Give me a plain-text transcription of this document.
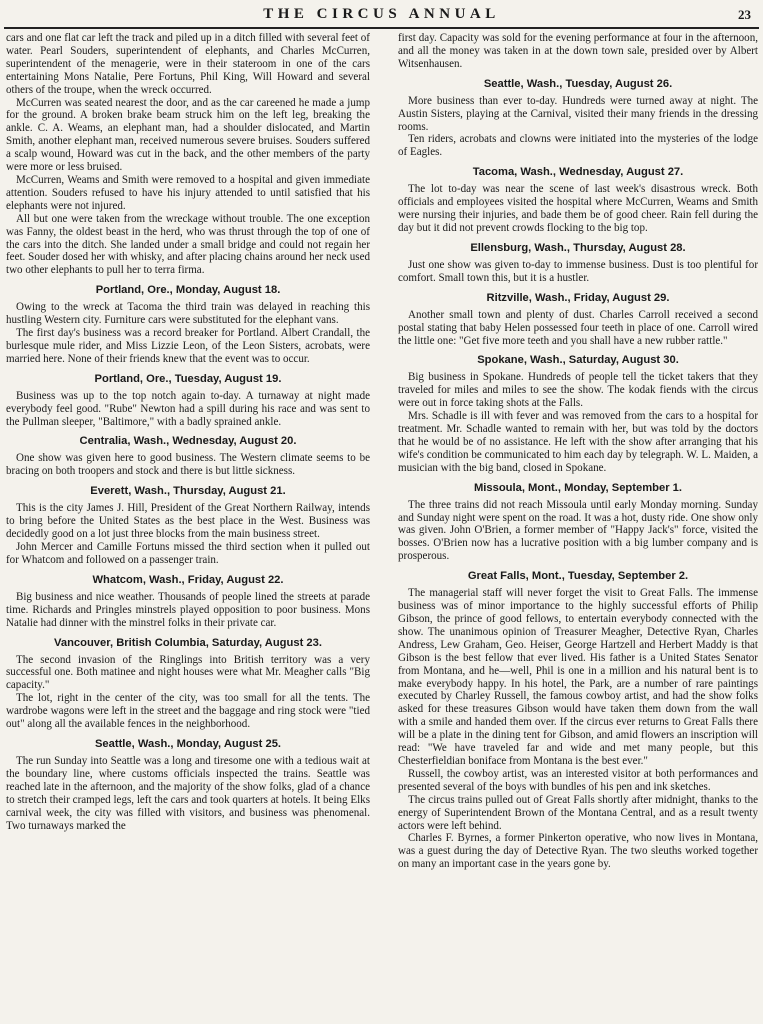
THE CIRCUS ANNUAL	23

cars and one flat car left the track and piled up in a ditch filled with several feet of water. Pearl Souders, superintendent of elephants, and Charles McCurren, superintendent of the menagerie, were in their stateroom in one of the cars entertaining Mons Natalie, Pere Fortuns, Phil King, Will Howard and several others of the troupe, when the wreck occurred.

McCurren was seated nearest the door, and as the car careened he made a jump for the ground. A broken brake beam struck him on the left leg, breaking the ankle. C. A. Weams, an elephant man, had a shoulder dislocated, and Martin Smith, another elephant man, received numerous severe bruises. Souders suffered a scalp wound, Howard was cut in the back, and the other members of the party were more or less bruised.

McCurren, Weams and Smith were removed to a hospital and given immediate attention. Souders refused to have his injury attended to until satisfied that his elephants were not injured.

All but one were taken from the wreckage without trouble. The one exception was Fanny, the oldest beast in the herd, who was thrust through the top of one of the cars into the ditch. She landed under a small bridge and could not regain her feet. Souder dosed her with whisky, and after placing chains around her neck used two other elephants to pull her to terra firma.

Portland, Ore., Monday, August 18.

Owing to the wreck at Tacoma the third train was delayed in reaching this hustling Western city. Furniture cars were substituted for the elephant vans.

The first day's business was a record breaker for Portland. Albert Crandall, the burlesque mule rider, and Miss Lizzie Leon, of the Leon Sisters, acrobats, were married here. None of their friends knew that the event was to occur.

Portland, Ore., Tuesday, August 19.

Business was up to the top notch again to-day. A turnaway at night made everybody feel good. "Rube" Newton had a spill during his race and was sent to the Pullman sleeper, "Baltimore," with a badly sprained ankle.

Centralia, Wash., Wednesday, August 20.

One show was given here to good business. The Western climate seems to be bracing on both troopers and stock and there is but little sickness.

Everett, Wash., Thursday, August 21.

This is the city James J. Hill, President of the Great Northern Railway, intends to bring before the United States as the best place in the West. Business was decidedly good on a lot just three blocks from the main business street.

John Mercer and Camille Fortuns missed the third section when it pulled out for Whatcom and followed on a passenger train.

Whatcom, Wash., Friday, August 22.

Big business and nice weather. Thousands of people lined the streets at parade time. Richards and Pringles minstrels played opposition to poor business. Mons Natalie had dinner with the minstrel folks in their private car.

Vancouver, British Columbia, Saturday, August 23.

The second invasion of the Ringlings into British territory was a very successful one. Both matinee and night houses were what Mr. Meagher calls "Big capacity."

The lot, right in the center of the city, was too small for all the tents. The wardrobe wagons were left in the street and the baggage and ring stock were "tied out" along all the available fences in the neighborhood.

Seattle, Wash., Monday, August 25.

The run Sunday into Seattle was a long and tiresome one with a tedious wait at the boundary line, where customs officials inspected the trains. Seattle was reached late in the afternoon, and the majority of the show folks, glad of a chance to stretch their cramped legs, left the cars and took quarters at hotels. It being Elks carnival week, the city was filled with visitors, and business was phenomenal. Two turnaways marked the

first day. Capacity was sold for the evening performance at four in the afternoon, and all the money was taken in at the down town sale, presided over by Albert Witsenhausen.

Seattle, Wash., Tuesday, August 26.

More business than ever to-day. Hundreds were turned away at night. The Austin Sisters, playing at the Carnival, visited their many friends in the dressing rooms.

Ten riders, acrobats and clowns were initiated into the mysteries of the lodge of Eagles.

Tacoma, Wash., Wednesday, August 27.

The lot to-day was near the scene of last week's disastrous wreck. Both officials and employees visited the hospital where McCurren, Weams and Smith were nursing their injuries, and bade them be of good cheer. Rain fell during the day but it did not prevent crowds flocking to the big top.

Ellensburg, Wash., Thursday, August 28.

Just one show was given to-day to immense business. Dust is too plentiful for comfort. Small town this, but it is a hustler.

Ritzville, Wash., Friday, August 29.

Another small town and plenty of dust. Charles Carroll received a second postal stating that baby Helen possessed four teeth in place of one. Carroll wired the little one: "Get five more teeth and you shall have a new rubber rattle."

Spokane, Wash., Saturday, August 30.

Big business in Spokane. Hundreds of people tell the ticket takers that they traveled for miles and miles to see the show. The kodak fiends with the circus were out in force taking shots at the Falls.

Mrs. Schadle is ill with fever and was removed from the cars to a hospital for treatment. Mr. Schadle wanted to remain with her, but was told by the doctors that he would be of no assistance. He left with the show after arranging that his wife's condition be communicated to him each day by telegraph. W. L. Maiden, a musician with the big band, closed in Spokane.

Missoula, Mont., Monday, September 1.

The three trains did not reach Missoula until early Monday morning. Sunday and Sunday night were spent on the road. It was a hot, dusty ride. One show only was given. John O'Brien, a former member of "Happy Jack's" force, visited the bosses. O'Brien now has a lucrative position with a big lumber company and is prosperous.

Great Falls, Mont., Tuesday, September 2.

The managerial staff will never forget the visit to Great Falls. The immense business was of minor importance to the highly successful efforts of Philip Gibson, the prince of good fellows, to entertain everybody connected with the show. The unanimous opinion of Treasurer Meagher, Detective Ryan, Charles Andress, Lew Graham, Geo. Heiser, George Hartzell and Herbert Maddy is that Gibson is the best fellow that ever lived. His father is a United States Senator from Montana, and he—well, Phil is one in a million and his natural bent is to make everybody happy. In his hotel, the Park, are a number of rare paintings executed by Charley Russell, the famous cowboy artist, and had the show folks asked for these treasures Gibson would have taken them down from the wall with a smile and handed them over. If the circus ever returns to Great Falls there will be a plate in the dining tent for Gibson, and amid flowers an inscription will read: "We have traveled far and wide and met many people, but this Chesterfieldian boniface from Montana is the best ever."

Russell, the cowboy artist, was an interested visitor at both performances and presented several of the boys with bundles of his pen and ink sketches.

The circus trains pulled out of Great Falls shortly after midnight, thanks to the energy of Superintendent Brown of the Montana Central, and as a result twenty actors were left behind.

Charles F. Byrnes, a former Pinkerton operative, who now lives in Montana, was a guest during the day of Detective Ryan. The two sleuths worked together on many an important case in the years gone by.
